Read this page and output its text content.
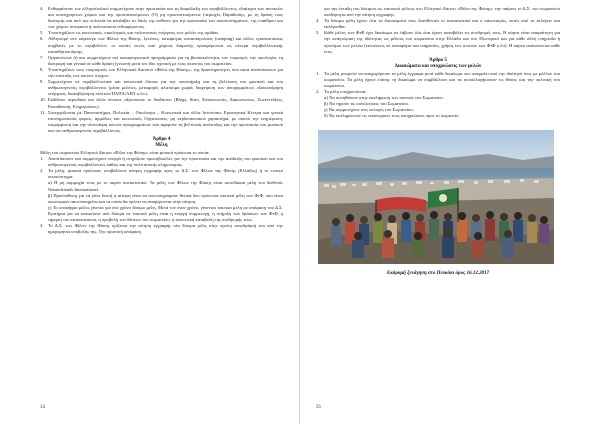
4. Ενθαρρύνουν τον ελληνοϊταλικό συμμετέχουν στην προστασία και τη διαφύλαξη του περιβάλλοντος, ιδιαίτερα των ανοικτών και κοινόχρηστων χώρων και της προστατευόμενων (Ο) μη προστατευόμενων (περιοχές Παράδοσης, με τη δράση τους διανομής και από την πολιτεία να αναλάβει τις δικές της ευθύνες για την προστασία των οικοσυστημάτων, της υπαίθρου και των χώρων ιστορικού ή πολιτιστικού ενδιαφέροντος.
5. Υποστηρίζουν τις κοινωνικές, οικολογικές και πολιτιστικές ενέργειες των μελών της ομάδας.
6. Αθλητισμό στο κάμπινγκ των Φίλων της Φύσης, ξενώνες, καταφύγια, κατασκηνώσεις (camping) και άλλες εγκαταστάσεις συμβατές με το περιβάλλον, οι οποίες εκτός από χώρους διαμονής προσφέρονται ως κέντρα περιβαλλοντικής ευαισθητοποίησης.
7. Οργανώνουν (ή και συμμετέχουν σε) κατασκηνωτικά προγράμματα για τη βιοποικιλότητα, τον τουρισμό, την οικολογία, τη διατροφή και γενικά σε κάθε δράση (γνωστή μετά τον ίδιο σχετική με τους σκοπούς του σωματείου.
8. Υποστηρίζουν τους τουρισμούς του Ελληνικού Δικτύου «Φίλοι της Φύσης», της δραστηριότητες που αυτά αναπτύσσουν για την επίτευξη των κοινών στόχων.
9. Συμμετέχουν σε περιβαλλοντικά και κοινωνικά δίκτυα για την υποστήριξη και τη βελτίωση του φυσικού και του ανθρωπογενούς περιβάλλοντος (μέσα μελέτες, μεταφορές αλιεύσιμα χωριά, διαχείριση των απορριμμάτων, εξοικονόμηση ενέργειας, διακυβέρνηση πολιτών/ΠΑΠΑ/ΑΕΝ κ.λπ.).
10. Εκδίδουν περιοδικά και άλλα έντυπα, αξιοποιούν το διαδίκτυο (Blogs, Sites, Επικοινωνίες, Διακοινωνίες, Συνεντεύξεις, Εκπαίδευση, Ενημερώσεις).
11. Συνεργάζονται με Πανεπιστήμια, Πολιτεία – Οικολογία – Κοινωνικά και άλλα Ιστοτόπια, Ερευνητικά Κέντρα και γενικά επιστημονικούς φορείς, αρμόδιες και κοινωνικές Οργανώσεις, μη κερδοσκοπικού χαρακτήρα, με σκοπό την ενημέρωση, επιμόρφωση και την υλοποίηση κοινών προγραμμάτων που αφορούν τη βελτίωση ανάπτυξης και την προστασία του φυσικού και του ανθρωπογενούς περιβάλλοντος.
Άρθρο 4
Μέλη

Μέλη του σωματείου Ελληνικό Δίκτυο «Φίλοι της Φύσης» είναι φυσικά πρόσωπα το οποία:

1. Αναπτύσσουν και συμμετέχουν ενεργά ή στηρίζουν πρωτοβουλίες για την προστασία και την ανάδειξη του φυσικού και του ανθρωπογενούς περιβάλλοντος καθώς και της πολιτιστικής κληρονομιάς.
2. Τα μέλη, φυσικά πρόσωπα, υποβάλλουν αίτηση εγγραφής προς το Δ.Σ. των Φίλων της Φύσης (Ελλάδος) ή το τοπικό οικοσύστημα.
α) Η μη συμμαχία τους με το παρόν καταστατικό. Τα μέλη των Φίλων της Φύσης είναι αυτοδίκαια μέλη του διεθνούς Naturefriends International.
β) Προϋπόθεση για να γίνει δεκτή η αίτηση είναι να συνυπογράφουν θετικά δύο πρόσωπα τακτικά μέλη των ΦτΦ, που είναι οικονομικά τακτοποιημένα και τα οποία θα πρέπει να αναφέρονται στην αίτηση.
γ) Το υποψήφιο μέλος γίνεται για ένα χρόνο δόκιμο μέλη. Μετά τον έναν χρόνο, γίνονται τακτικά μέλη με απόφαση του Δ.Σ. Κριτήρια για να καταστούν από δόκιμα σε τακτικά μέλη είναι η ενεργή συμμετοχή, η στήριξη των δράσεων των ΦτΦ, η τήρηση του καταστατικού, η προβολή των θέσεων του σωματείου, η κοινωνική καταβολή της συνδρομής τους.
3. Το Δ.Σ. των Φίλων της Φύσης ορίζεται την αίτηση εγγραφής νέα δόκιμα μέλη στην πρώτη συνεδρίασή του από την ημερομηνία υποβολής της. Την οριστική απόφαση
34
για την ένταξη του δόκιμου ως τακτικού μέλους στο Ελληνικό Δίκτυο «Φίλοι της Φύσης» την παίρνει το Δ.Σ. του σωματείου ανεξάρτητα από την αίτηση εγγραφής.
4. Τα δόκιμα μέλη έχουν όλα τα δικαιώματα τους διατίθενται το καταστατικό και ο κανονισμός, εκτός από το εκλέγειν και εκλέγεσθαι.
5. Κάθε μέλος των ΦτΦ έχει δικαίωμα να λάβουν όλα όσα έχουν καταβάλει τις συνδρομές τους. Η κάρτα είναι απαραίτητη για την αναγνώριση της ιδιότητας ως μέλους του σωματείου στην Ελλάδα και στο Εξωτερικό και για κάθε άλλη υπηρεσία ή προνόμιο των μελών (εκπτώσεις σε καταφύγια και υπηρεσίες, χρήση των σπιτιών των ΦτΦ κ.λπ). Η κάρτα ανανεώνεται κάθε έτος.
Άρθρο 5
Δικαιώματα και υποχρεώσεις των μελών
1. Τα μέλη μπορούν να αποχωρήσουν τα μέλη έγγραφα μετά κάθε δικαίωμα που απορρέει από την ιδιότητά τους με μέλλον του σωματείου. Τα μέλη έχουν επίσης τη δικαίωμα να συμβάλλουν και να συναλλαγήκοιναν τις θέσεις και την πολιτική του σωματείου.
2. Τα μέλη υποχρεούνται:
α) Να συνηθίσουν στην εκπλήρωση των σκοπών του Σωματείου.
β) Να τηρούν τις συνελεύσεις του Σωματείου.
γ) Να συμμετέχουν στις εκλογές του Σωματείου.
δ) Να εκπληρώνουν τις οικονομικές τους υποχρεώσεις προς το σωματείο.
Εκδρομή ξενάγηση στο Πευκάκι όρος 16.12.2017
35
